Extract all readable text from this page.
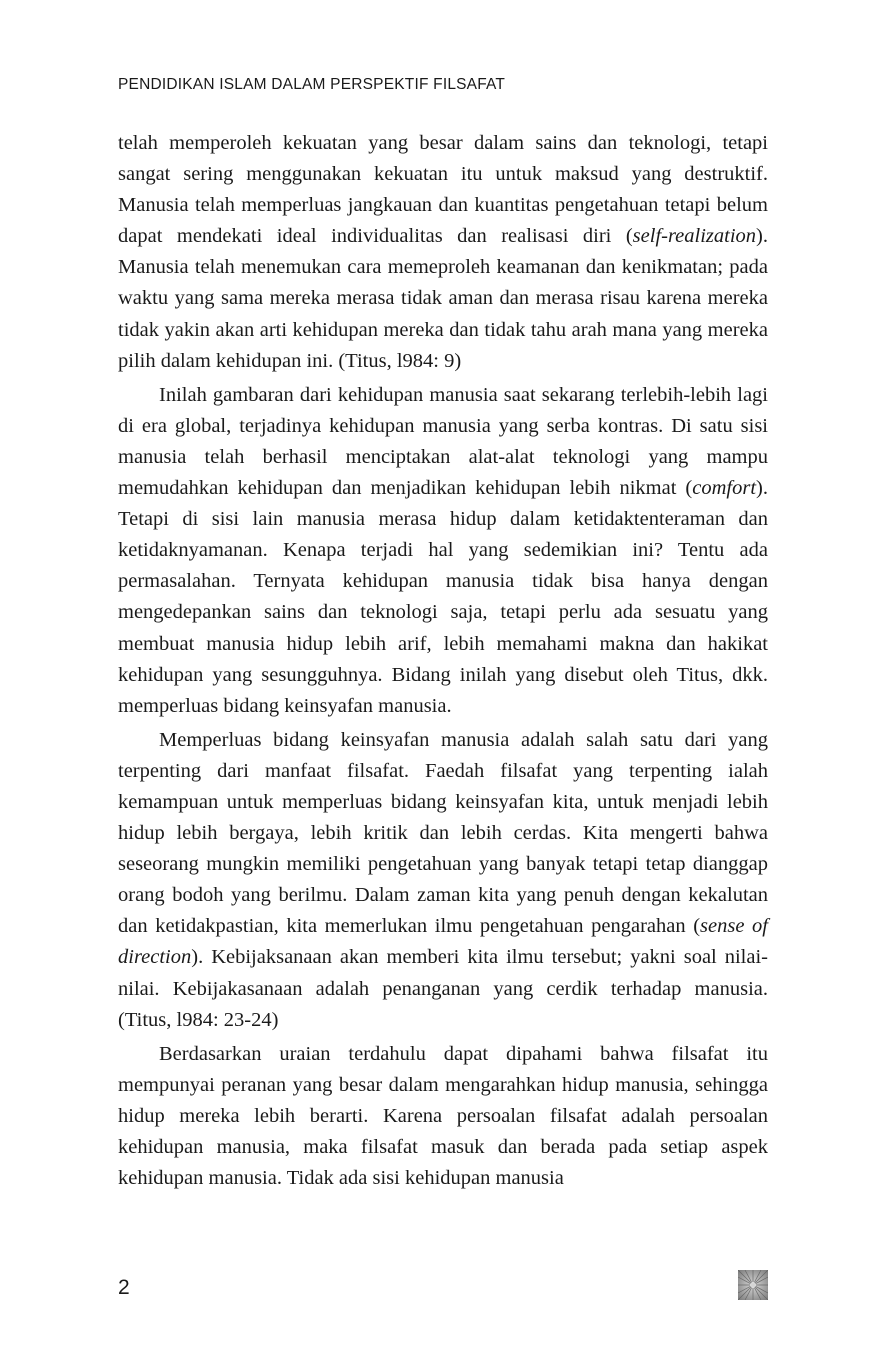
PENDIDIKAN ISLAM DALAM PERSPEKTIF FILSAFAT

telah memperoleh kekuatan yang besar dalam sains dan teknologi, tetapi sangat sering menggunakan kekuatan itu untuk maksud yang destruktif. Manusia telah memperluas jangkauan dan kuantitas pengetahuan tetapi belum dapat mendekati ideal individualitas dan realisasi diri (self-realization). Manusia telah menemukan cara memeproleh keamanan dan kenikmatan; pada waktu yang sama mereka merasa tidak aman dan merasa risau karena mereka tidak yakin akan arti kehidupan mereka dan tidak tahu arah mana yang mereka pilih dalam kehidupan ini. (Titus, l984: 9)

Inilah gambaran dari kehidupan manusia saat sekarang terlebih-lebih lagi di era global, terjadinya kehidupan manusia yang serba kontras. Di satu sisi manusia telah berhasil menciptakan alat-alat teknologi yang mampu memudahkan kehidupan dan menjadikan kehidupan lebih nikmat (comfort). Tetapi di sisi lain manusia merasa hidup dalam ketidaktenteraman dan ketidaknyamanan. Kenapa terjadi hal yang sedemikian ini? Tentu ada permasalahan. Ternyata kehidupan manusia tidak bisa hanya dengan mengedepankan sains dan teknologi saja, tetapi perlu ada sesuatu yang membuat manusia hidup lebih arif, lebih memahami makna dan hakikat kehidupan yang sesungguhnya. Bidang inilah yang disebut oleh Titus, dkk. memperluas bidang keinsyafan manusia.

Memperluas bidang keinsyafan manusia adalah salah satu dari yang terpenting dari manfaat filsafat. Faedah filsafat yang terpenting ialah kemampuan untuk memperluas bidang keinsyafan kita, untuk menjadi lebih hidup lebih bergaya, lebih kritik dan lebih cerdas. Kita mengerti bahwa seseorang mungkin memiliki pengetahuan yang banyak tetapi tetap dianggap orang bodoh yang berilmu. Dalam zaman kita yang penuh dengan kekalutan dan ketidakpastian, kita memerlukan ilmu pengetahuan pengarahan (sense of direction). Kebijaksanaan akan memberi kita ilmu tersebut; yakni soal nilai-nilai. Kebijakasanaan adalah penanganan yang cerdik terhadap manusia. (Titus, l984: 23-24)

Berdasarkan uraian terdahulu dapat dipahami bahwa filsafat itu mempunyai peranan yang besar dalam mengarahkan hidup manusia, sehingga hidup mereka lebih berarti. Karena persoalan filsafat adalah persoalan kehidupan manusia, maka filsafat masuk dan berada pada setiap aspek kehidupan manusia. Tidak ada sisi kehidupan manusia

2
